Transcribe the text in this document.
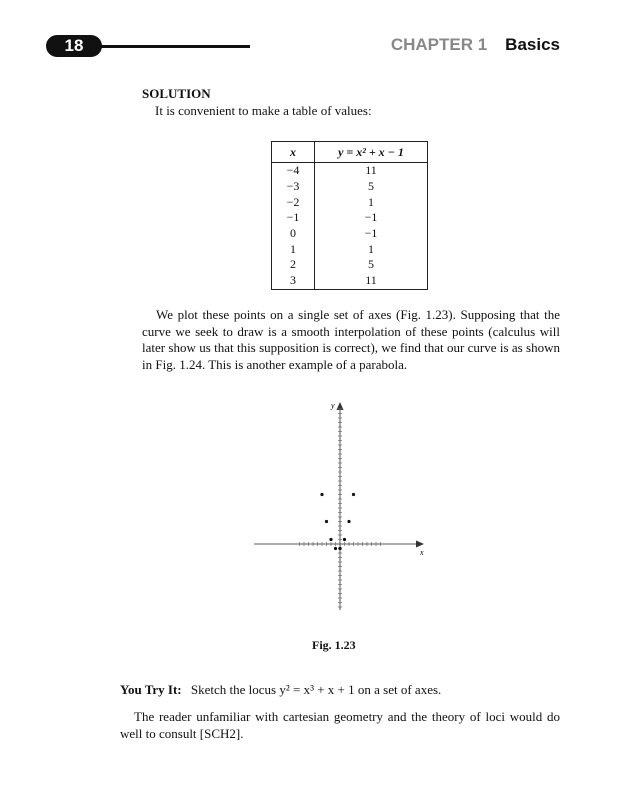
18	CHAPTER 1 Basics
SOLUTION
It is convenient to make a table of values:
x	y = x² + x − 1
−4	11
−3	5
−2	1
−1	−1
0	−1
1	1
2	5
3	11
We plot these points on a single set of axes (Fig. 1.23). Supposing that the curve we seek to draw is a smooth interpolation of these points (calculus will later show us that this supposition is correct), we find that our curve is as shown in Fig. 1.24. This is another example of a parabola.
x
y
Fig. 1.23
You Try It: Sketch the locus y² = x³ + x + 1 on a set of axes.
The reader unfamiliar with cartesian geometry and the theory of loci would do well to consult [SCH2].
